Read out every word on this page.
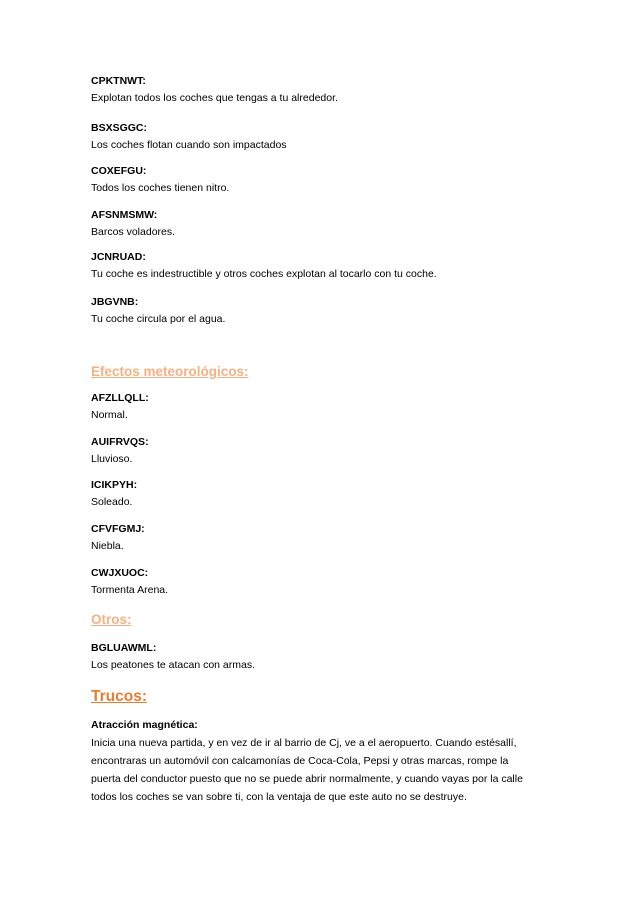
CPKTNWT:
Explotan todos los coches que tengas a tu alrededor.
BSXSGGC:
Los coches flotan cuando son impactados
COXEFGU:
Todos los coches tienen nitro.
AFSNMSMW:
Barcos voladores.
JCNRUAD:
Tu coche es indestructible y otros coches explotan al tocarlo con tu coche.
JBGVNB:
Tu coche circula por el agua.
Efectos meteorológicos:
AFZLLQLL:
Normal.
AUIFRVQS:
Lluvioso.
ICIKPYH:
Soleado.
CFVFGMJ:
Niebla.
CWJXUOC:
Tormenta Arena.
Otros:
BGLUAWML:
Los peatones te atacan con armas.
Trucos:
Atracción magnética:
Inicia una nueva partida, y en vez de ir al barrio de Cj, ve a el aeropuerto. Cuando estésallí,
encontraras un automóvil con calcamonías de Coca-Cola, Pepsi y otras marcas, rompe la
puerta del conductor puesto que no se puede abrir normalmente, y cuando vayas por la calle
todos los coches se van sobre ti, con la ventaja de que este auto no se destruye.
